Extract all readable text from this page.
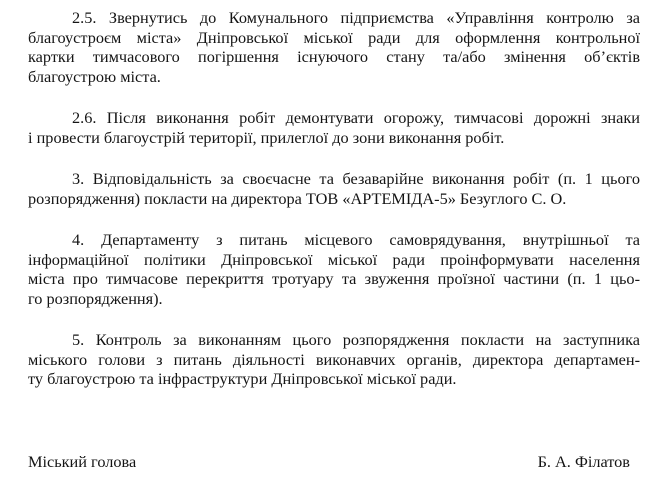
2.5. Звернутись до Комунального підприємства «Управління контролю за
благоустроєм міста» Дніпровської міської ради для оформлення контрольної
картки тимчасового погіршення існуючого стану та/або змінення об’єктів
благоустрою міста.

2.6. Після виконання робіт демонтувати огорожу, тимчасові дорожні знаки
і провести благоустрій території, прилеглої до зони виконання робіт.

3. Відповідальність за своєчасне та безаварійне виконання робіт (п. 1 цього
розпорядження) покласти на директора ТОВ «АРТЕМІДА-5» Безуглого С. О.

4. Департаменту з питань місцевого самоврядування, внутрішньої та
інформаційної політики Дніпровської міської ради проінформувати населення
міста про тимчасове перекриття тротуару та звуження проїзної частини (п. 1 цьо-
го розпорядження).

5. Контроль за виконанням цього розпорядження покласти на заступника
міського голови з питань діяльності виконавчих органів, директора департамен-
ту благоустрою та інфраструктури Дніпровської міської ради.

Міський голова	Б. А. Філатов
